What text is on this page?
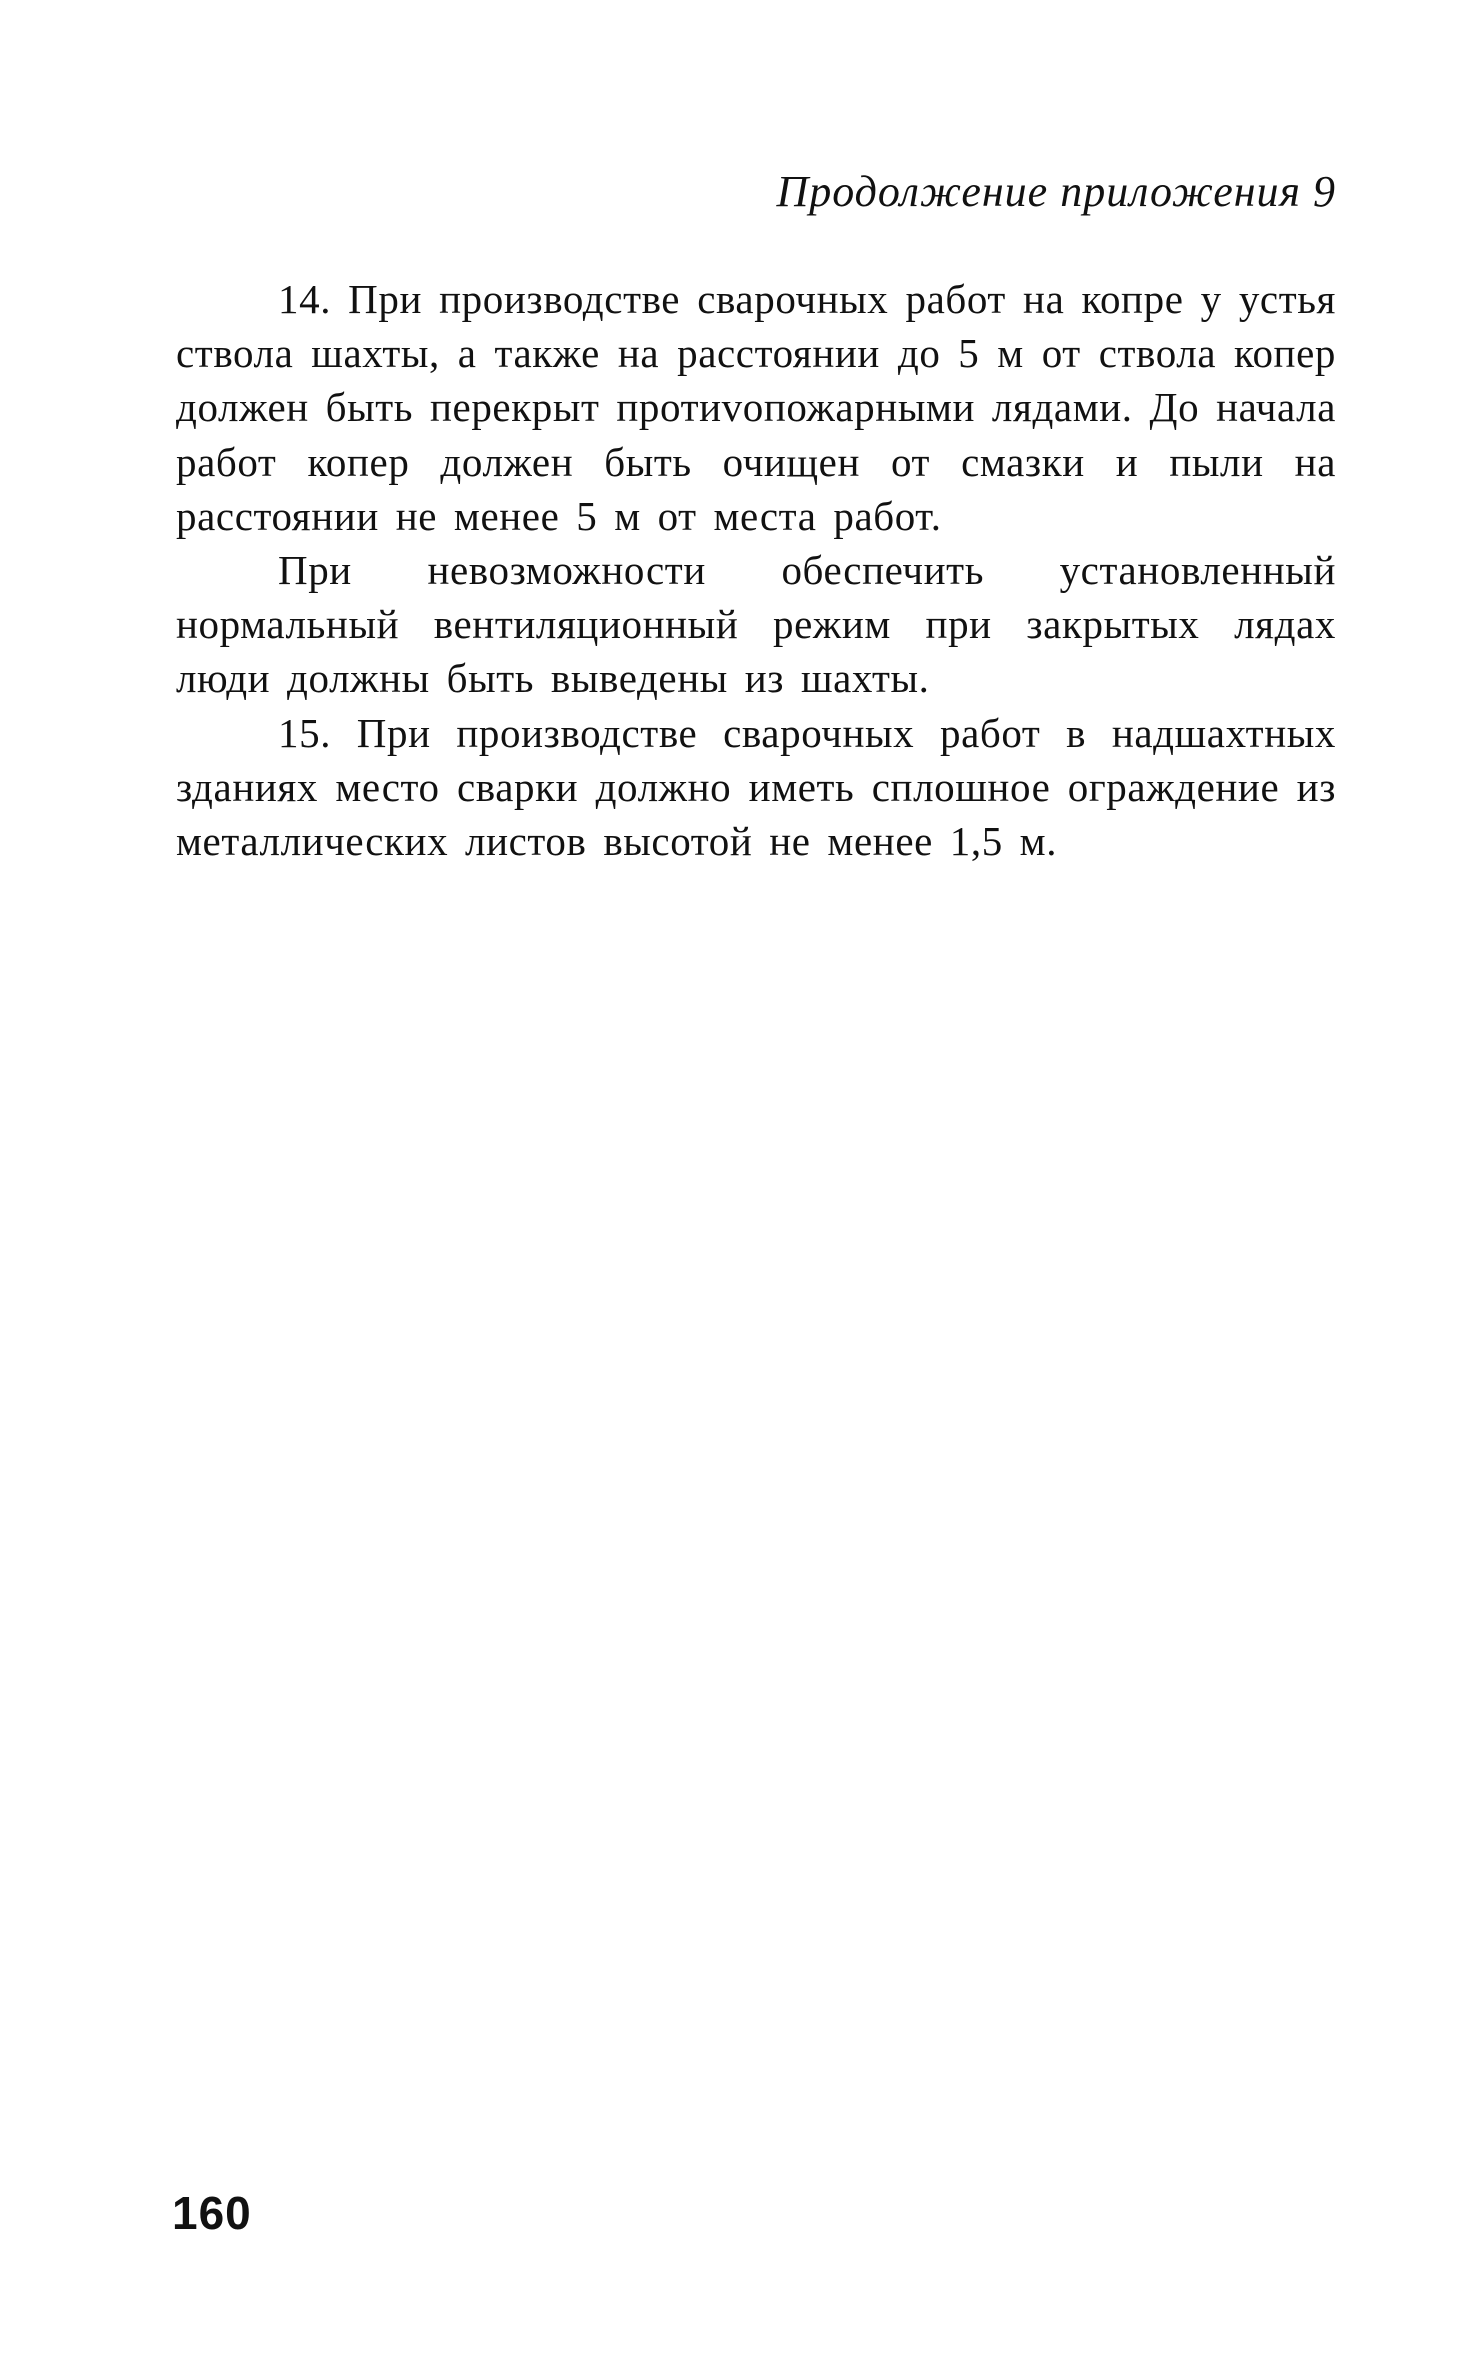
Продолжение приложения 9

14. При производстве сварочных работ на копре у устья ствола шахты, а также на расстоянии до 5 м от ствола копер должен быть перекрыт протиvопожарными лядами. До начала работ копер должен быть очищен от смазки и пыли на расстоянии не менее 5 м от места работ.

При невозможности обеспечить установленный нормальный вентиляционный режим при закрытых лядах люди должны быть выведены из шахты.

15. При производстве сварочных работ в надшахтных зданиях место сварки должно иметь сплошное ограждение из металлических листов высотой не менее 1,5 м.

160
